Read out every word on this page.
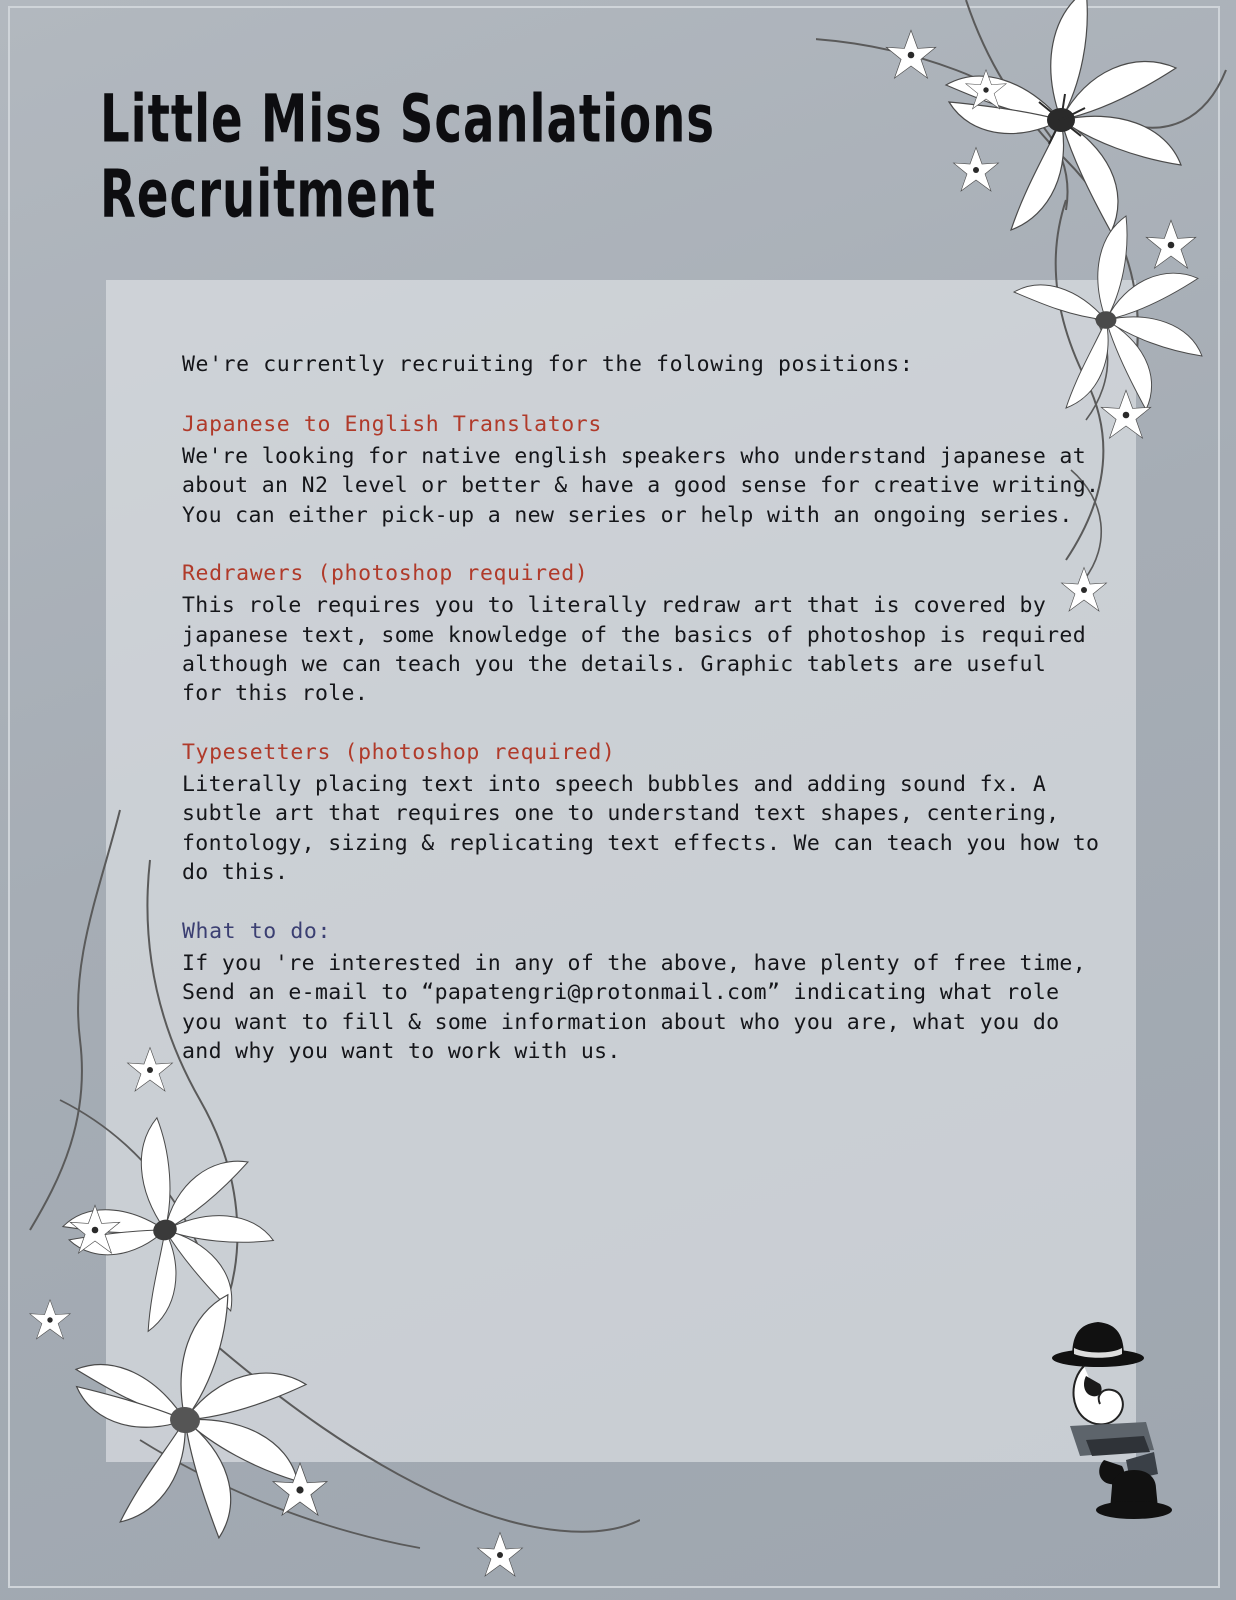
Little Miss Scanlations
Recruitment
We're currently recruiting for the folowing positions:
Japanese to English Translators
We're looking for native english speakers who understand japanese at
about an N2 level or better & have a good sense for creative writing.
You can either pick-up a new series or help with an ongoing series.
Redrawers (photoshop required)
This role requires you to literally redraw art that is covered by
japanese text, some knowledge of the basics of photoshop is required
although we can teach you the details. Graphic tablets are useful
for this role.
Typesetters (photoshop required)
Literally placing text into speech bubbles and adding sound fx. A
subtle art that requires one to understand text shapes, centering,
fontology, sizing & replicating text effects. We can teach you how to
do this.
What to do:
If you 're interested in any of the above, have plenty of free time,
Send an e-mail to “papatengri@protonmail.com” indicating what role
you want to fill & some information about who you are, what you do
and why you want to work with us.
